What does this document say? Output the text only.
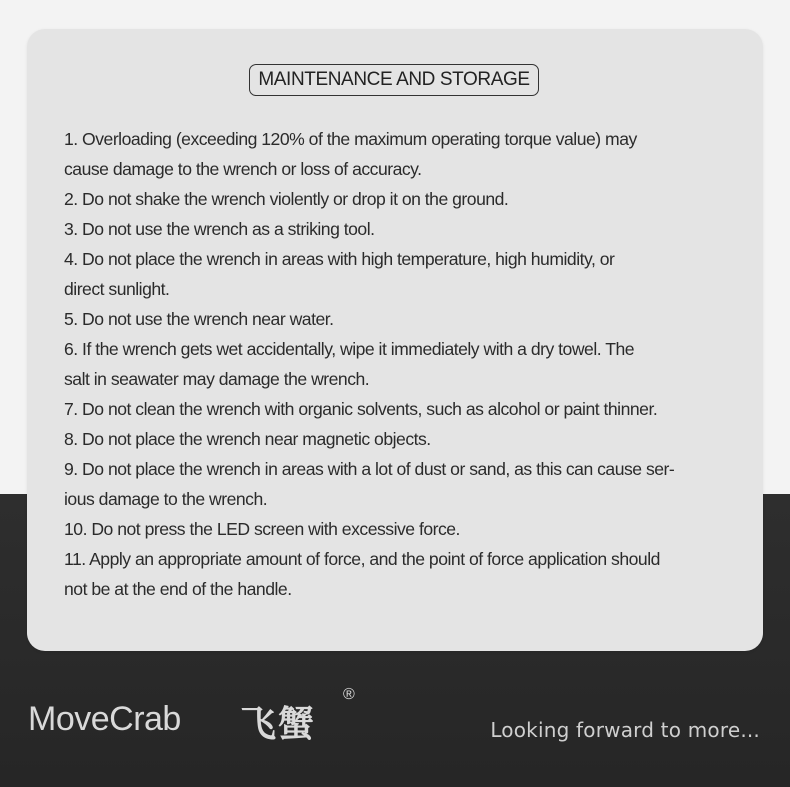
MAINTENANCE AND STORAGE
1. Overloading (exceeding 120% of the maximum operating torque value) may
cause damage to the wrench or loss of accuracy.
2. Do not shake the wrench violently or drop it on the ground.
3. Do not use the wrench as a striking tool.
4. Do not place the wrench in areas with high temperature, high humidity, or
direct sunlight.
5. Do not use the wrench near water.
6. If the wrench gets wet accidentally, wipe it immediately with a dry towel. The
salt in seawater may damage the wrench.
7. Do not clean the wrench with organic solvents, such as alcohol or paint thinner.
8. Do not place the wrench near magnetic objects.
9. Do not place the wrench in areas with a lot of dust or sand, as this can cause ser-
ious damage to the wrench.
10. Do not press the LED screen with excessive force.
11. Apply an appropriate amount of force, and the point of force application should
not be at the end of the handle.
MoveCrab 飞蟹
®
Looking forward to more...
